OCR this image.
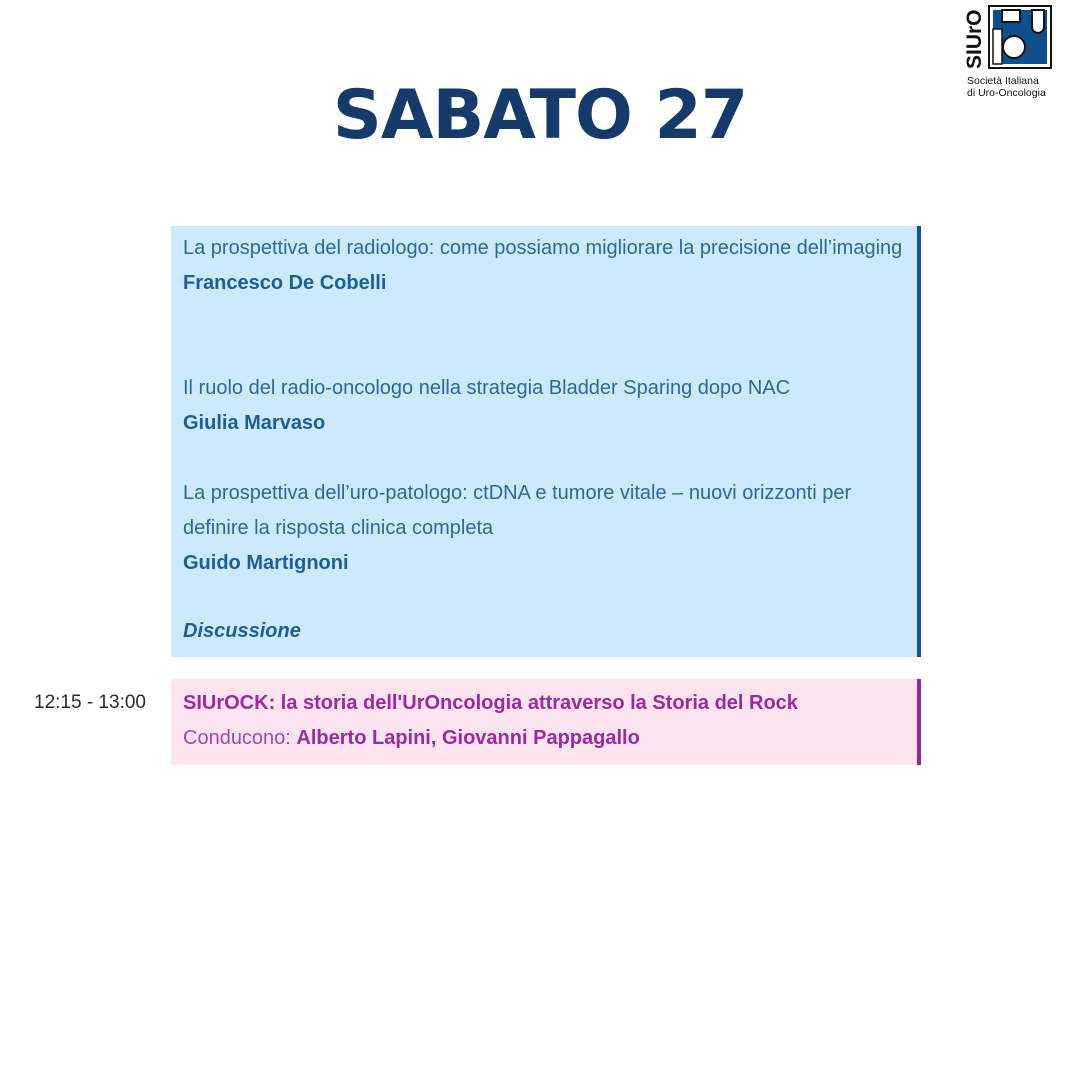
SABATO 27
SIUrO
Società Italiana
di Uro-Oncologia
La prospettiva del radiologo: come possiamo migliorare la precisione dell’imaging
Francesco De Cobelli
Il ruolo del radio-oncologo nella strategia Bladder Sparing dopo NAC
Giulia Marvaso
La prospettiva dell’uro-patologo: ctDNA e tumore vitale – nuovi orizzonti per definire la risposta clinica completa
Guido Martignoni
Discussione
12:15 - 13:00 SIUrOCK: la storia dell'UrOncologia attraverso la Storia del Rock
Conducono: Alberto Lapini, Giovanni Pappagallo
